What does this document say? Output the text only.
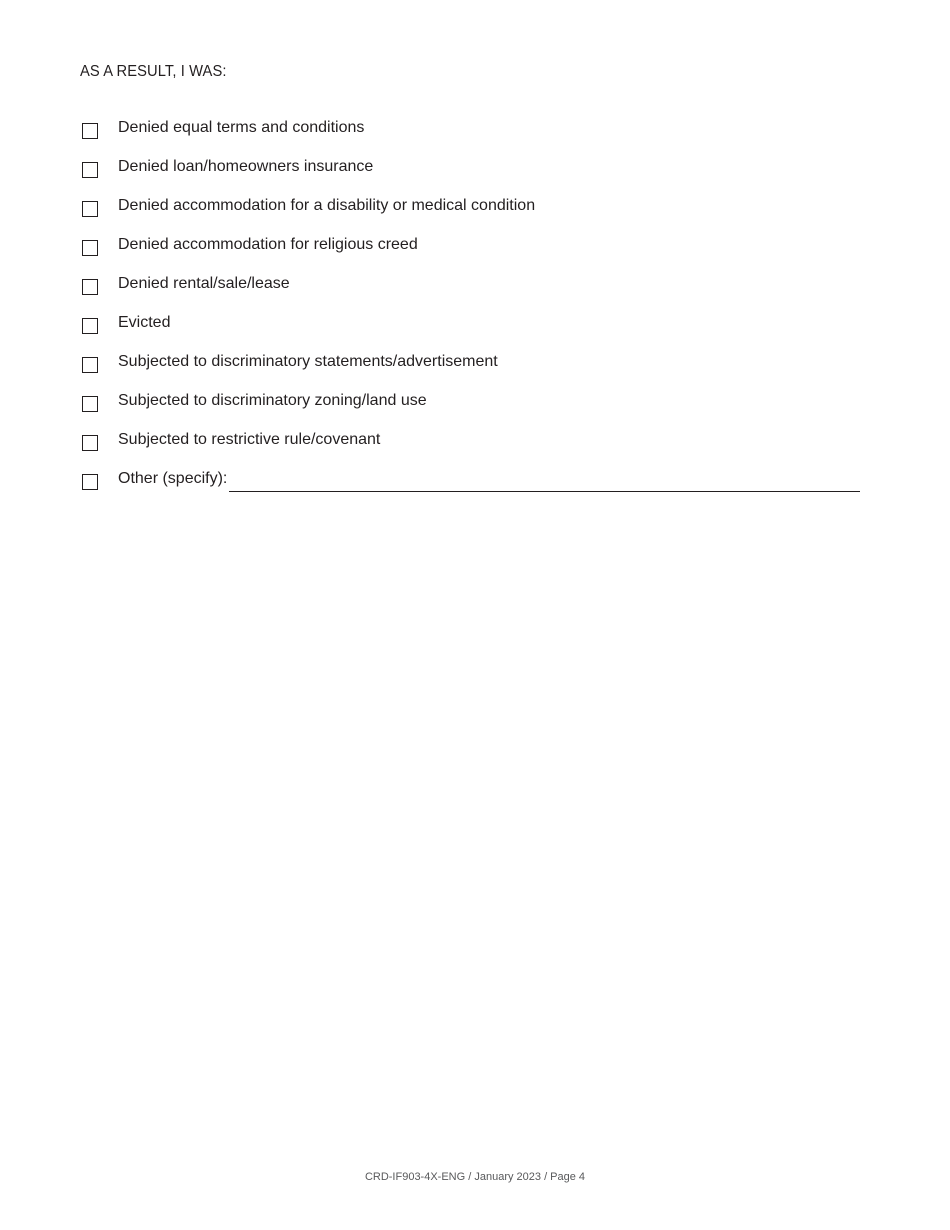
AS A RESULT, I WAS:
Denied equal terms and conditions
Denied loan/homeowners insurance
Denied accommodation for a disability or medical condition
Denied accommodation for religious creed
Denied rental/sale/lease
Evicted
Subjected to discriminatory statements/advertisement
Subjected to discriminatory zoning/land use
Subjected to restrictive rule/covenant
Other (specify):
CRD-IF903-4X-ENG / January 2023 / Page 4
